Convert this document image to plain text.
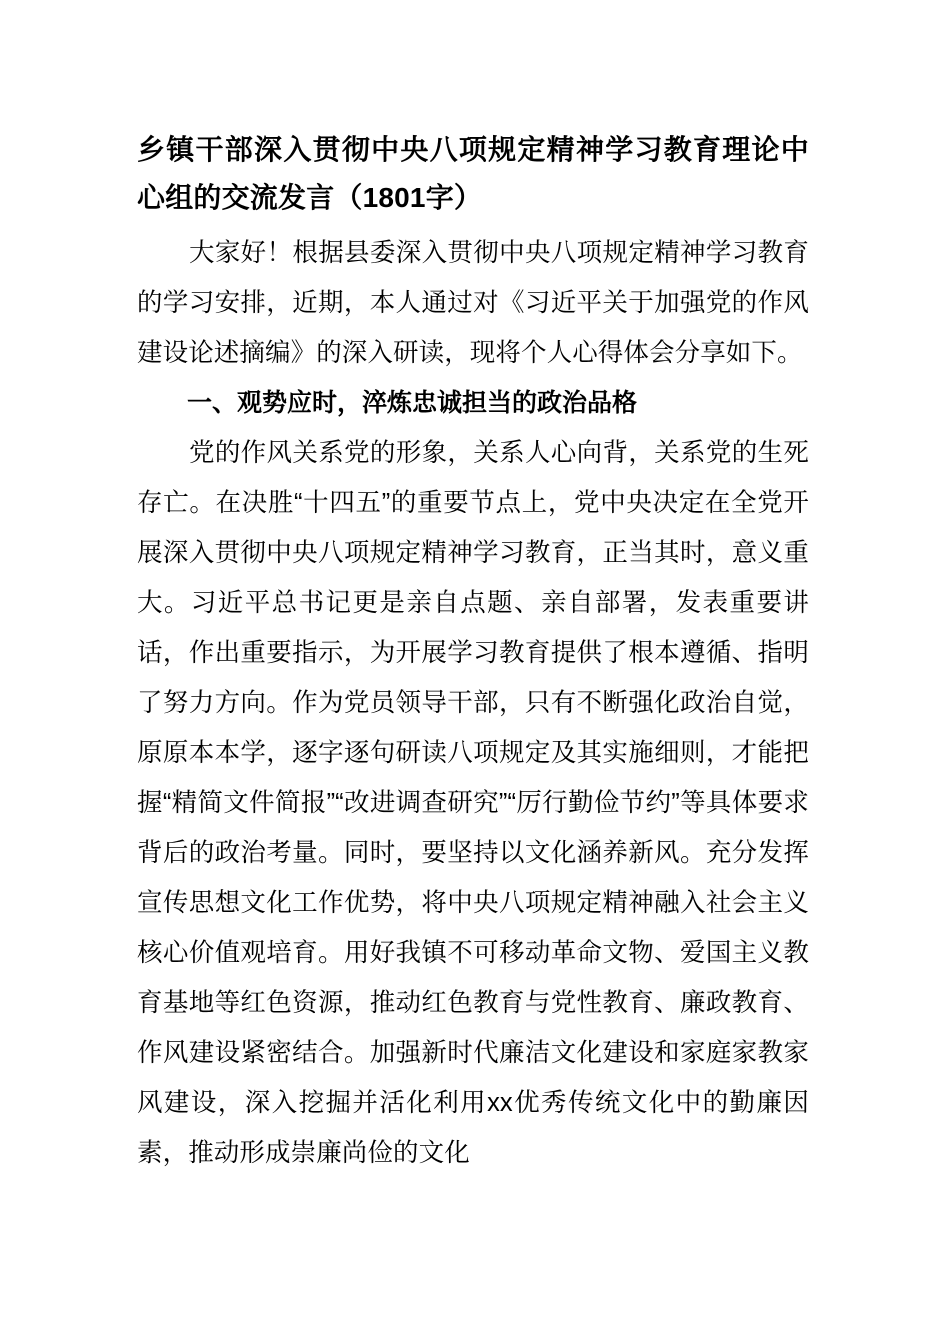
乡镇干部深入贯彻中央八项规定精神学习教育理论中心组的交流发言（1801字）

大家好！根据县委深入贯彻中央八项规定精神学习教育的学习安排，近期，本人通过对《习近平关于加强党的作风建设论述摘编》的深入研读，现将个人心得体会分享如下。

一、观势应时，淬炼忠诚担当的政治品格

党的作风关系党的形象，关系人心向背，关系党的生死存亡。在决胜“十四五”的重要节点上，党中央决定在全党开展深入贯彻中央八项规定精神学习教育，正当其时，意义重大。习近平总书记更是亲自点题、亲自部署，发表重要讲话，作出重要指示，为开展学习教育提供了根本遵循、指明了努力方向。作为党员领导干部，只有不断强化政治自觉，原原本本学，逐字逐句研读八项规定及其实施细则，才能把握“精简文件简报”“改进调查研究”“厉行勤俭节约”等具体要求背后的政治考量。同时，要坚持以文化涵养新风。充分发挥宣传思想文化工作优势，将中央八项规定精神融入社会主义核心价值观培育。用好我镇不可移动革命文物、爱国主义教育基地等红色资源，推动红色教育与党性教育、廉政教育、作风建设紧密结合。加强新时代廉洁文化建设和家庭家教家风建设，深入挖掘并活化利用xx优秀传统文化中的勤廉因素，推动形成崇廉尚俭的文化
